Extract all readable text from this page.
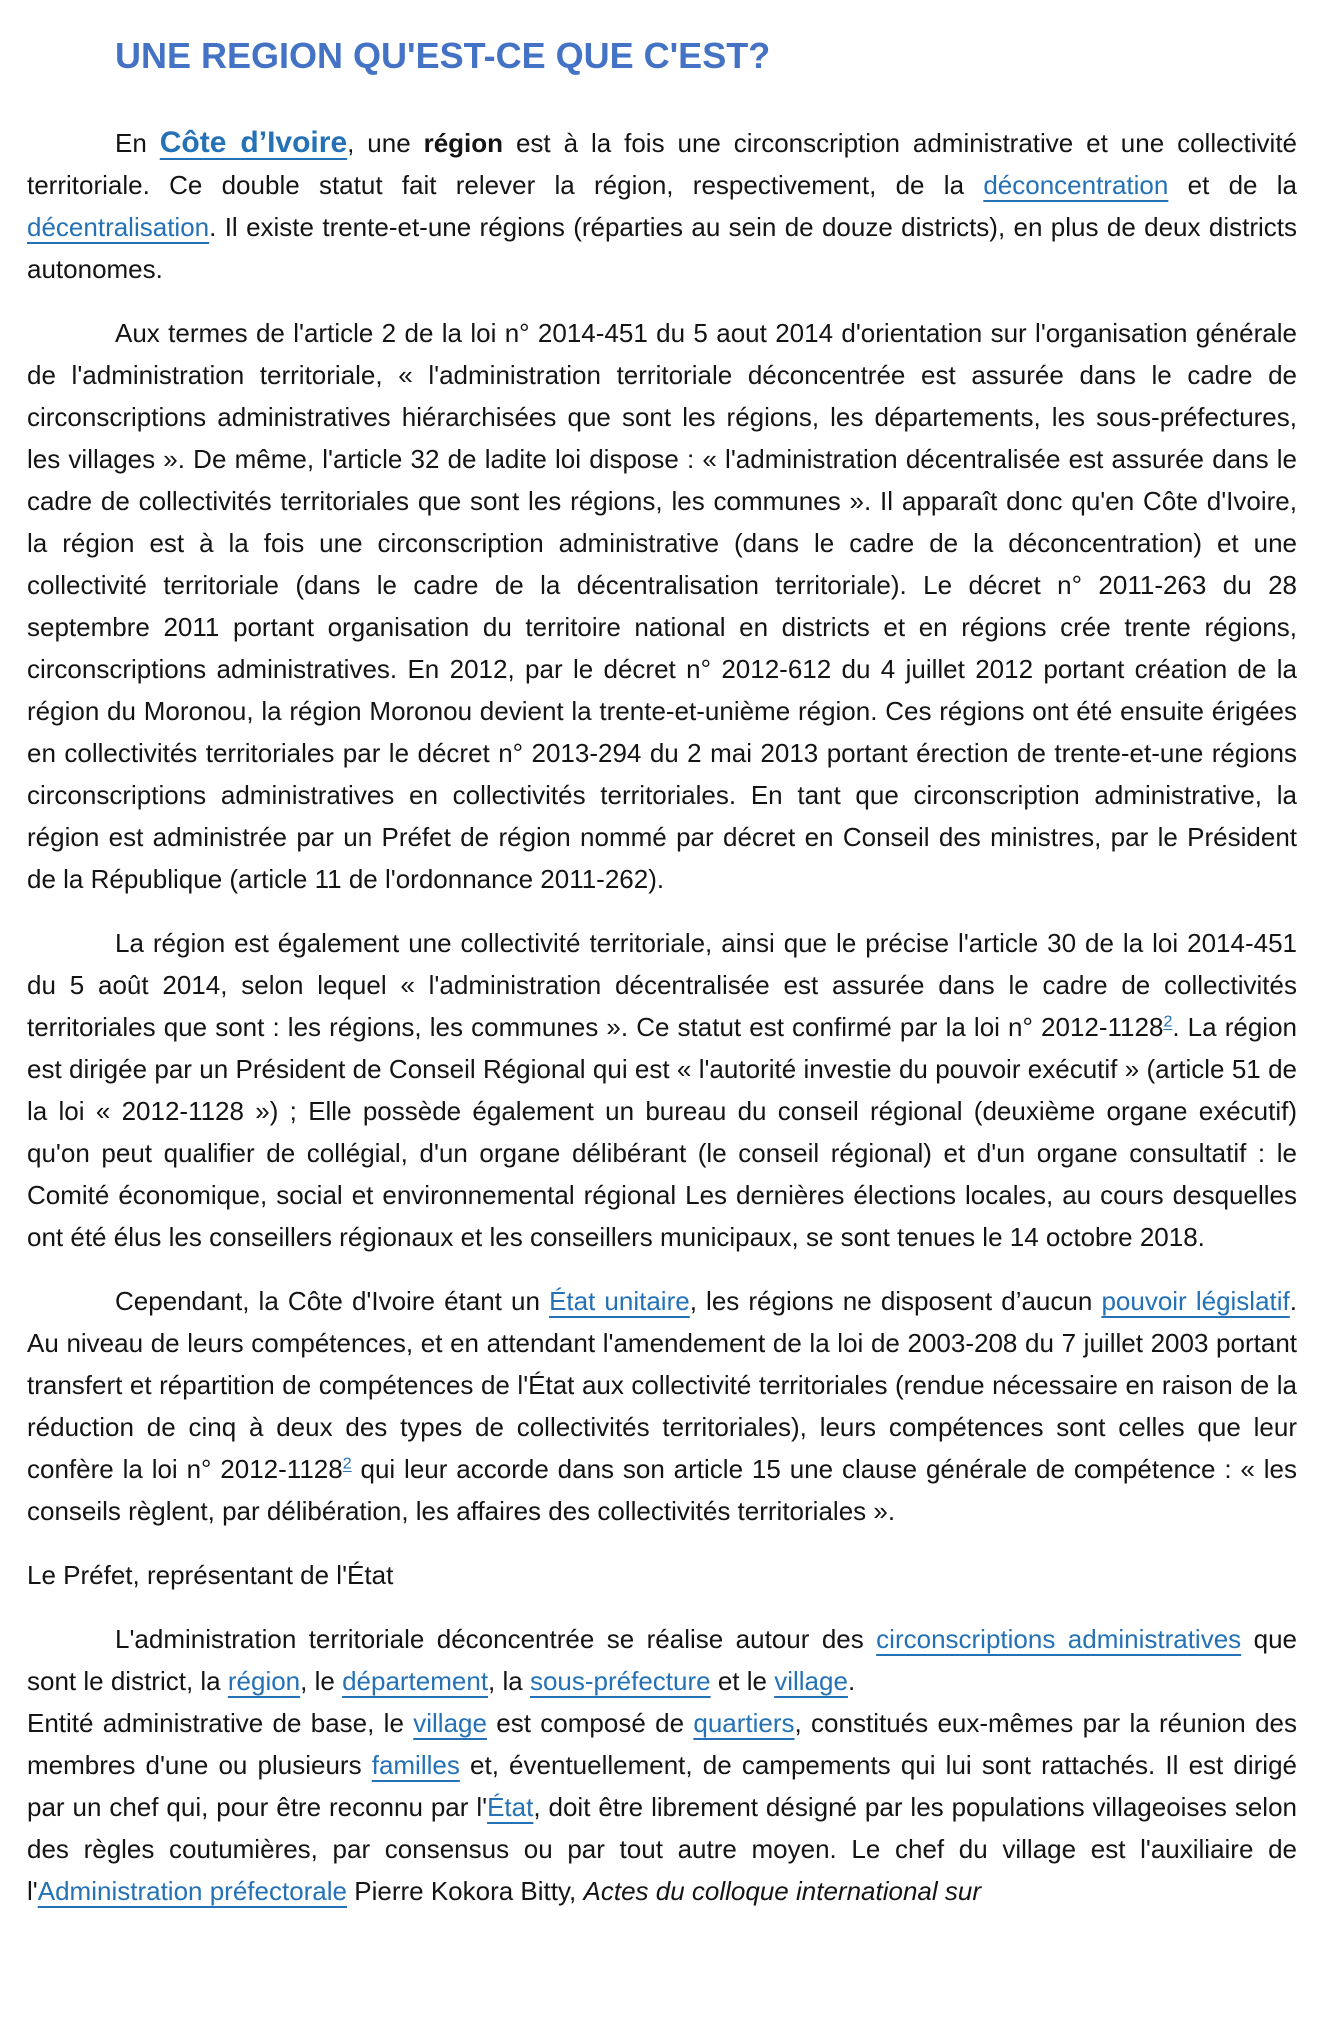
UNE REGION QU'EST-CE QUE C'EST?

En Côte d’Ivoire, une région est à la fois une circonscription administrative et une collectivité territoriale. Ce double statut fait relever la région, respectivement, de la déconcentration et de la décentralisation. Il existe trente-et-une régions (réparties au sein de douze districts), en plus de deux districts autonomes.

Aux termes de l'article 2 de la loi n° 2014-451 du 5 aout 2014 d'orientation sur l'organisation générale de l'administration territoriale, « l'administration territoriale déconcentrée est assurée dans le cadre de circonscriptions administratives hiérarchisées que sont les régions, les départements, les sous-préfectures, les villages ». De même, l'article 32 de ladite loi dispose : « l'administration décentralisée est assurée dans le cadre de collectivités territoriales que sont les régions, les communes ». Il apparaît donc qu'en Côte d'Ivoire, la région est à la fois une circonscription administrative (dans le cadre de la déconcentration) et une collectivité territoriale (dans le cadre de la décentralisation territoriale). Le décret n° 2011-263 du 28 septembre 2011 portant organisation du territoire national en districts et en régions crée trente régions, circonscriptions administratives. En 2012, par le décret n° 2012-612 du 4 juillet 2012 portant création de la région du Moronou, la région Moronou devient la trente-et-unième région. Ces régions ont été ensuite érigées en collectivités territoriales par le décret n° 2013-294 du 2 mai 2013 portant érection de trente-et-une régions circonscriptions administratives en collectivités territoriales. En tant que circonscription administrative, la région est administrée par un Préfet de région nommé par décret en Conseil des ministres, par le Président de la République (article 11 de l'ordonnance 2011-262).

La région est également une collectivité territoriale, ainsi que le précise l'article 30 de la loi 2014-451 du 5 août 2014, selon lequel « l'administration décentralisée est assurée dans le cadre de collectivités territoriales que sont : les régions, les communes ». Ce statut est confirmé par la loi n° 2012-1128$^2$. La région est dirigée par un Président de Conseil Régional qui est « l'autorité investie du pouvoir exécutif » (article 51 de la loi « 2012-1128 ») ; Elle possède également un bureau du conseil régional (deuxième organe exécutif) qu'on peut qualifier de collégial, d'un organe délibérant (le conseil régional) et d'un organe consultatif : le Comité économique, social et environnemental régional Les dernières élections locales, au cours desquelles ont été élus les conseillers régionaux et les conseillers municipaux, se sont tenues le 14 octobre 2018.

Cependant, la Côte d'Ivoire étant un État unitaire, les régions ne disposent d’aucun pouvoir législatif. Au niveau de leurs compétences, et en attendant l'amendement de la loi de 2003-208 du 7 juillet 2003 portant transfert et répartition de compétences de l'État aux collectivité territoriales (rendue nécessaire en raison de la réduction de cinq à deux des types de collectivités territoriales), leurs compétences sont celles que leur confère la loi n° 2012-1128$^2$ qui leur accorde dans son article 15 une clause générale de compétence : « les conseils règlent, par délibération, les affaires des collectivités territoriales ».

Le Préfet, représentant de l'État

L'administration territoriale déconcentrée se réalise autour des circonscriptions administratives que sont le district, la région, le département, la sous-préfecture et le village.

Entité administrative de base, le village est composé de quartiers, constitués eux-mêmes par la réunion des membres d'une ou plusieurs familles et, éventuellement, de campements qui lui sont rattachés. Il est dirigé par un chef qui, pour être reconnu par l'État, doit être librement désigné par les populations villageoises selon des règles coutumières, par consensus ou par tout autre moyen. Le chef du village est l'auxiliaire de l'Administration préfectorale Pierre Kokora Bitty, Actes du colloque international sur
